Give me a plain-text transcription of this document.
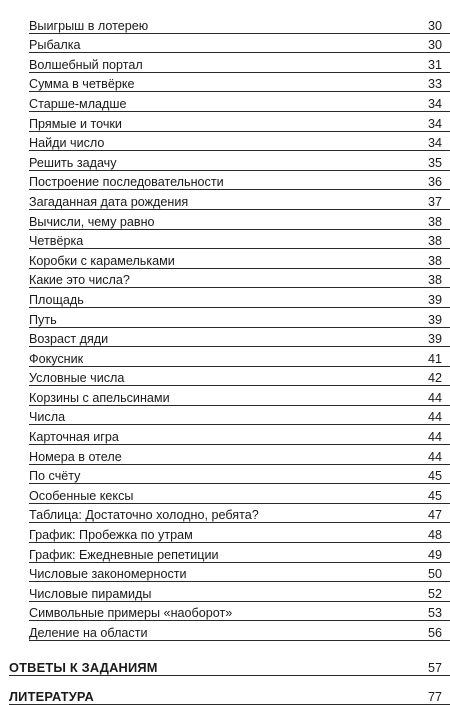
Выигрыш в лотерею	30
Рыбалка	30
Волшебный портал	31
Сумма в четвёрке	33
Старше-младше	34
Прямые и точки	34
Найди число	34
Решить задачу	35
Построение последовательности	36
Загаданная дата рождения	37
Вычисли, чему равно	38
Четвёрка	38
Коробки с карамельками	38
Какие это числа?	38
Площадь	39
Путь	39
Возраст дяди	39
Фокусник	41
Условные числа	42
Корзины с апельсинами	44
Числа	44
Карточная игра	44
Номера в отеле	44
По счёту	45
Особенные кексы	45
Таблица: Достаточно холодно, ребята?	47
График: Пробежка по утрам	48
График: Ежедневные репетиции	49
Числовые закономерности	50
Числовые пирамиды	52
Символьные примеры «наоборот»	53
Деление на области	56
ОТВЕТЫ К ЗАДАНИЯМ	57
ЛИТЕРАТУРА	77
